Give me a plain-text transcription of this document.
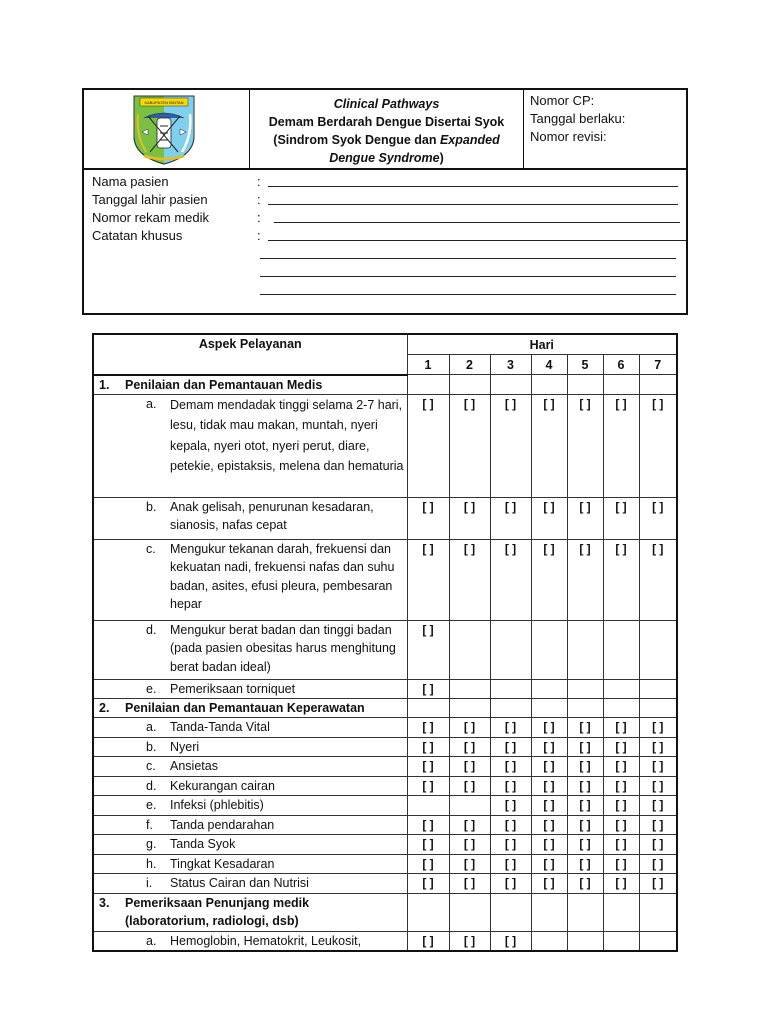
KABUPATEN BINTAN	Clinical Pathways
Demam Berdarah Dengue Disertai Syok
(Sindrom Syok Dengue dan Expanded
Dengue Syndrome)
Nomor CP:
Tanggal berlaku:
Nomor revisi:
Nama pasien	:
Tanggal lahir pasien	:
Nomor rekam medik	:
Catatan khusus	:
Aspek Pelayanan	Hari						
	1	2	3	4	5	6	7
1. Penilaian dan Pemantauan Medis							

a. Demam mendadak tinggi selama 2-7 hari, lesu, tidak mau makan, muntah, nyeri kepala, nyeri otot, nyeri perut, diare, petekie, epistaksis, melena dan hematuria	[ ]	[ ]	[ ]	[ ]	[ ]	[ ]	[ ]

b. Anak gelisah, penurunan kesadaran, sianosis, nafas cepat	[ ]	[ ]	[ ]	[ ]	[ ]	[ ]	[ ]

c. Mengukur tekanan darah, frekuensi dan kekuatan nadi, frekuensi nafas dan suhu badan, asites, efusi pleura, pembesaran hepar	[ ]	[ ]	[ ]	[ ]	[ ]	[ ]	[ ]

d. Mengukur berat badan dan tinggi badan (pada pasien obesitas harus menghitung berat badan ideal)	[ ]						

e. Pemeriksaan torniquet	[ ]						
2. Penilaian dan Pemantauan Keperawatan							

a. Tanda-Tanda Vital	[ ]	[ ]	[ ]	[ ]	[ ]	[ ]	[ ]

b. Nyeri	[ ]	[ ]	[ ]	[ ]	[ ]	[ ]	[ ]

c. Ansietas	[ ]	[ ]	[ ]	[ ]	[ ]	[ ]	[ ]

d. Kekurangan cairan	[ ]	[ ]	[ ]	[ ]	[ ]	[ ]	[ ]

e. Infeksi (phlebitis)			[ ]	[ ]	[ ]	[ ]	[ ]

f. Tanda pendarahan	[ ]	[ ]	[ ]	[ ]	[ ]	[ ]	[ ]

g. Tanda Syok	[ ]	[ ]	[ ]	[ ]	[ ]	[ ]	[ ]

h. Tingkat Kesadaran	[ ]	[ ]	[ ]	[ ]	[ ]	[ ]	[ ]

i. Status Cairan dan Nutrisi	[ ]	[ ]	[ ]	[ ]	[ ]	[ ]	[ ]
3. Pemeriksaan Penunjang medik (laboratorium, radiologi, dsb)							

a. Hemoglobin, Hematokrit, Leukosit,	[ ]	[ ]	[ ]				
